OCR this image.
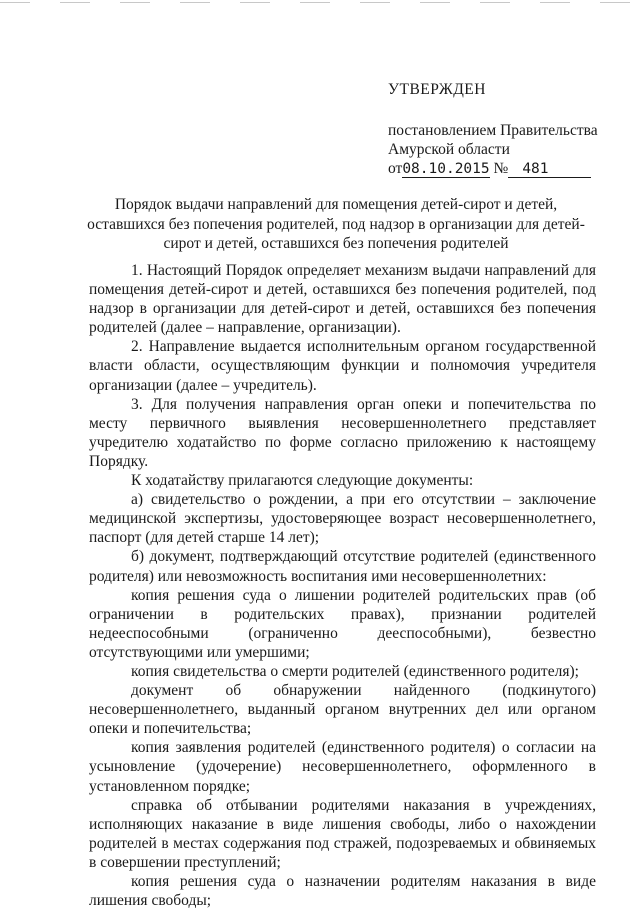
УТВЕРЖДЕН
постановлением Правительства
Амурской области
от08.10.2015 № 481
Порядок выдачи направлений для помещения детей-сирот и детей,
оставшихся без попечения родителей, под надзор в организации для детей-
сирот и детей, оставшихся без попечения родителей

1. Настоящий Порядок определяет механизм выдачи направлений для помещения детей-сирот и детей, оставшихся без попечения родителей, под надзор в организации для детей-сирот и детей, оставшихся без попечения родителей (далее – направление, организации).

2. Направление выдается исполнительным органом государственной власти области, осуществляющим функции и полномочия учредителя организации (далее – учредитель).

3. Для получения направления орган опеки и попечительства по месту первичного выявления несовершеннолетнего представляет учредителю ходатайство по форме согласно приложению к настоящему Порядку.

К ходатайству прилагаются следующие документы:

а) свидетельство о рождении, а при его отсутствии – заключение медицинской экспертизы, удостоверяющее возраст несовершеннолетнего, паспорт (для детей старше 14 лет);

б) документ, подтверждающий отсутствие родителей (единственного родителя) или невозможность воспитания ими несовершеннолетних:

копия решения суда о лишении родителей родительских прав (об ограничении в родительских правах), признании родителей недееспособными (ограниченно дееспособными), безвестно отсутствующими или умершими;

копия свидетельства о смерти родителей (единственного родителя);

документ об обнаружении найденного (подкинутого) несовершеннолетнего, выданный органом внутренних дел или органом опеки и попечительства;

копия заявления родителей (единственного родителя) о согласии на усыновление (удочерение) несовершеннолетнего, оформленного в установленном порядке;

справка об отбывании родителями наказания в учреждениях, исполняющих наказание в виде лишения свободы, либо о нахождении родителей в местах содержания под стражей, подозреваемых и обвиняемых в совершении преступлений;

копия решения суда о назначении родителям наказания в виде лишения свободы;
